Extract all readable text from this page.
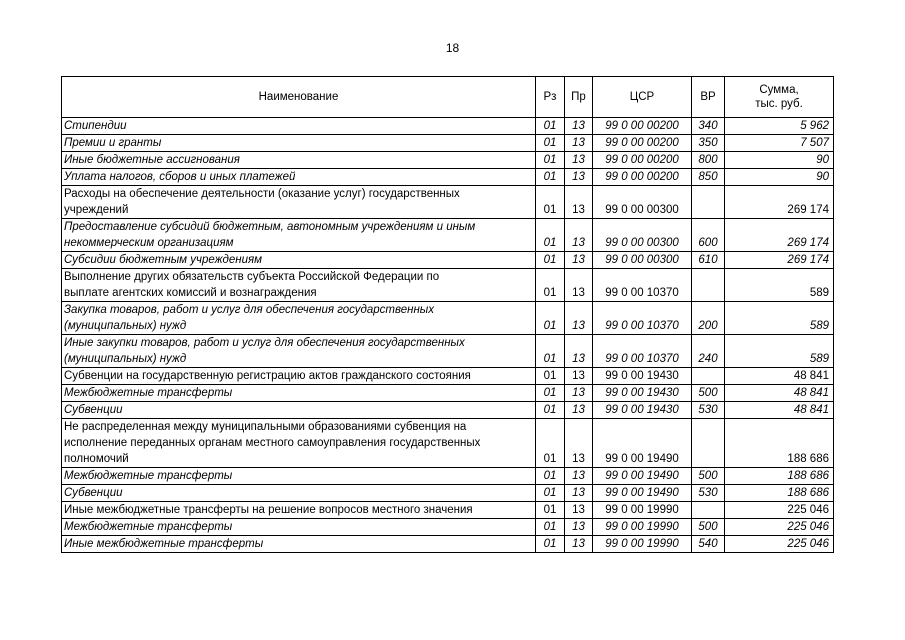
18
Наименование	Рз	Пр	ЦСР	ВР	Сумма,
тыс. руб.

Стипендии	01	13	99 0 00 00200	340	5 962

Премии и гранты	01	13	99 0 00 00200	350	7 507

Иные бюджетные ассигнования	01	13	99 0 00 00200	800	90

Уплата налогов, сборов и иных платежей	01	13	99 0 00 00200	850	90

Расходы на обеспечение деятельности (оказание услуг) государственных
учреждений	01	13	99 0 00 00300		269 174

Предоставление субсидий бюджетным, автономным учреждениям и иным
некоммерческим организациям	01	13	99 0 00 00300	600	269 174

Субсидии бюджетным учреждениям	01	13	99 0 00 00300	610	269 174

Выполнение других обязательств субъекта Российской Федерации по
выплате агентских комиссий и вознаграждения	01	13	99 0 00 10370		589

Закупка товаров, работ и услуг для обеспечения государственных
(муниципальных) нужд	01	13	99 0 00 10370	200	589

Иные закупки товаров, работ и услуг для обеспечения государственных
(муниципальных) нужд	01	13	99 0 00 10370	240	589

Субвенции на государственную регистрацию актов гражданского состояния	01	13	99 0 00 19430		48 841

Межбюджетные трансферты	01	13	99 0 00 19430	500	48 841

Субвенции	01	13	99 0 00 19430	530	48 841

Не распределенная между муниципальными образованиями субвенция на
исполнение переданных органам местного самоуправления государственных
полномочий	01	13	99 0 00 19490		188 686

Межбюджетные трансферты	01	13	99 0 00 19490	500	188 686

Субвенции	01	13	99 0 00 19490	530	188 686

Иные межбюджетные трансферты на решение вопросов местного значения	01	13	99 0 00 19990		225 046

Межбюджетные трансферты	01	13	99 0 00 19990	500	225 046

Иные межбюджетные трансферты	01	13	99 0 00 19990	540	225 046
